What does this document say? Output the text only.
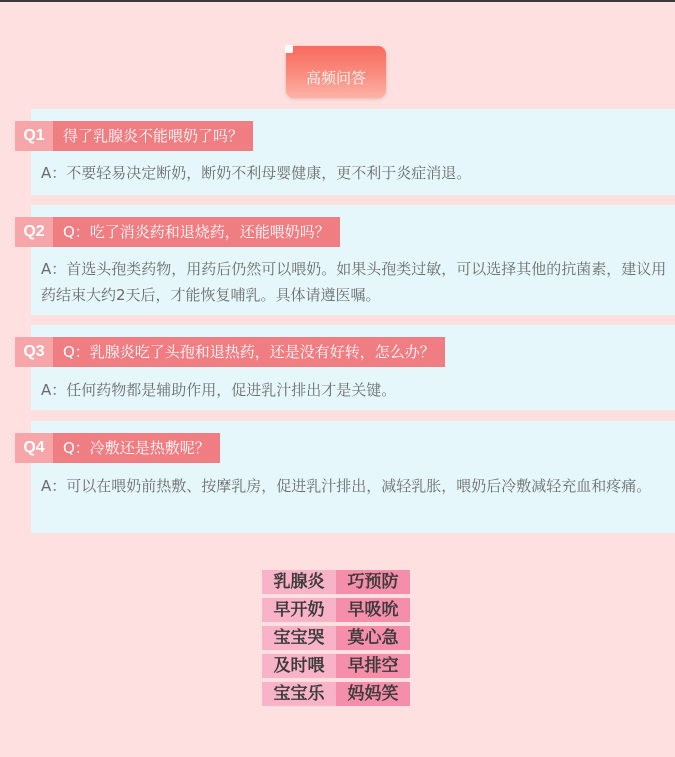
高频问答
Q1	得了乳腺炎不能喂奶了吗？
A：不要轻易决定断奶，断奶不利母婴健康，更不利于炎症消退。
Q2	Q：吃了消炎药和退烧药，还能喂奶吗？
A：首选头孢类药物，用药后仍然可以喂奶。如果头孢类过敏，可以选择其他的抗菌素，建议用药结束大约2天后，才能恢复哺乳。具体请遵医嘱。
Q3	Q：乳腺炎吃了头孢和退热药，还是没有好转，怎么办？
A：任何药物都是辅助作用，促进乳汁排出才是关键。
Q4	Q：冷敷还是热敷呢？
A：可以在喂奶前热敷、按摩乳房，促进乳汁排出，减轻乳胀，喂奶后冷敷减轻充血和疼痛。
乳腺炎	巧预防
早开奶	早吸吮
宝宝哭	莫心急
及时喂	早排空
宝宝乐	妈妈笑
